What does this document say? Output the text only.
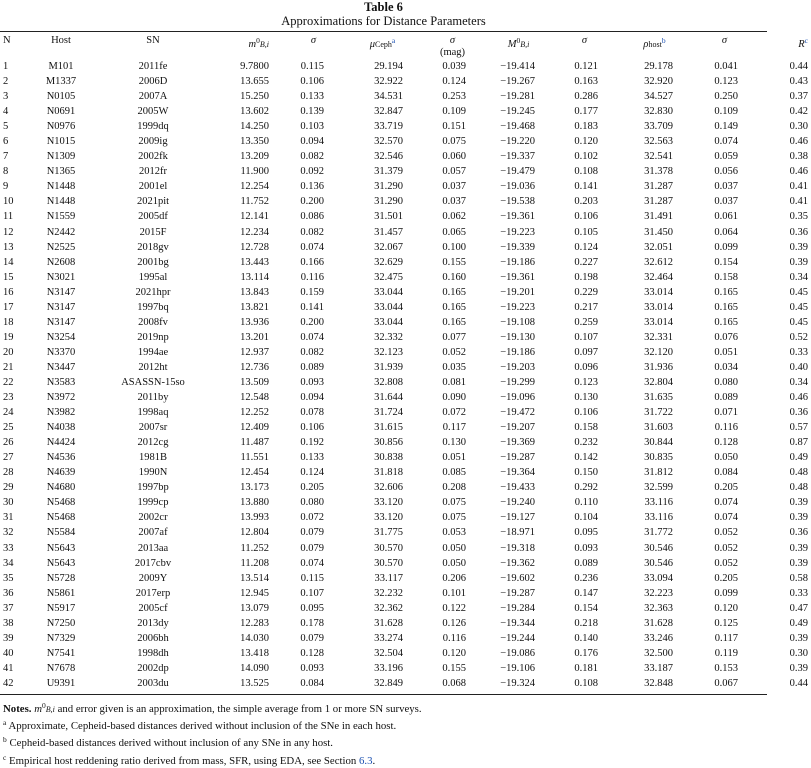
Table 6
Approximations for Distance Parameters
N	Host	SN	$m^0B,i$	σ	μCeph$^a$	σ
(mag)	$M^0B,i$	σ	ρhost$^b$	σ	$R^c$
1	M101	2011fe	9.7800	0.115	29.194	0.039	−19.414	0.121	29.178	0.041	0.44
2	M1337	2006D	13.655	0.106	32.922	0.124	−19.267	0.163	32.920	0.123	0.43
3	N0105	2007A	15.250	0.133	34.531	0.253	−19.281	0.286	34.527	0.250	0.37
4	N0691	2005W	13.602	0.139	32.847	0.109	−19.245	0.177	32.830	0.109	0.42
5	N0976	1999dq	14.250	0.103	33.719	0.151	−19.468	0.183	33.709	0.149	0.30
6	N1015	2009ig	13.350	0.094	32.570	0.075	−19.220	0.120	32.563	0.074	0.46
7	N1309	2002fk	13.209	0.082	32.546	0.060	−19.337	0.102	32.541	0.059	0.38
8	N1365	2012fr	11.900	0.092	31.379	0.057	−19.479	0.108	31.378	0.056	0.46
9	N1448	2001el	12.254	0.136	31.290	0.037	−19.036	0.141	31.287	0.037	0.41
10	N1448	2021pit	11.752	0.200	31.290	0.037	−19.538	0.203	31.287	0.037	0.41
11	N1559	2005df	12.141	0.086	31.501	0.062	−19.361	0.106	31.491	0.061	0.35
12	N2442	2015F	12.234	0.082	31.457	0.065	−19.223	0.105	31.450	0.064	0.36
13	N2525	2018gv	12.728	0.074	32.067	0.100	−19.339	0.124	32.051	0.099	0.39
14	N2608	2001bg	13.443	0.166	32.629	0.155	−19.186	0.227	32.612	0.154	0.39
15	N3021	1995al	13.114	0.116	32.475	0.160	−19.361	0.198	32.464	0.158	0.34
16	N3147	2021hpr	13.843	0.159	33.044	0.165	−19.201	0.229	33.014	0.165	0.45
17	N3147	1997bq	13.821	0.141	33.044	0.165	−19.223	0.217	33.014	0.165	0.45
18	N3147	2008fv	13.936	0.200	33.044	0.165	−19.108	0.259	33.014	0.165	0.45
19	N3254	2019np	13.201	0.074	32.332	0.077	−19.130	0.107	32.331	0.076	0.52
20	N3370	1994ae	12.937	0.082	32.123	0.052	−19.186	0.097	32.120	0.051	0.33
21	N3447	2012ht	12.736	0.089	31.939	0.035	−19.203	0.096	31.936	0.034	0.40
22	N3583	ASASSN-15so	13.509	0.093	32.808	0.081	−19.299	0.123	32.804	0.080	0.34
23	N3972	2011by	12.548	0.094	31.644	0.090	−19.096	0.130	31.635	0.089	0.46
24	N3982	1998aq	12.252	0.078	31.724	0.072	−19.472	0.106	31.722	0.071	0.36
25	N4038	2007sr	12.409	0.106	31.615	0.117	−19.207	0.158	31.603	0.116	0.57
26	N4424	2012cg	11.487	0.192	30.856	0.130	−19.369	0.232	30.844	0.128	0.87
27	N4536	1981B	11.551	0.133	30.838	0.051	−19.287	0.142	30.835	0.050	0.49
28	N4639	1990N	12.454	0.124	31.818	0.085	−19.364	0.150	31.812	0.084	0.48
29	N4680	1997bp	13.173	0.205	32.606	0.208	−19.433	0.292	32.599	0.205	0.48
30	N5468	1999cp	13.880	0.080	33.120	0.075	−19.240	0.110	33.116	0.074	0.39
31	N5468	2002cr	13.993	0.072	33.120	0.075	−19.127	0.104	33.116	0.074	0.39
32	N5584	2007af	12.804	0.079	31.775	0.053	−18.971	0.095	31.772	0.052	0.36
33	N5643	2013aa	11.252	0.079	30.570	0.050	−19.318	0.093	30.546	0.052	0.39
34	N5643	2017cbv	11.208	0.074	30.570	0.050	−19.362	0.089	30.546	0.052	0.39
35	N5728	2009Y	13.514	0.115	33.117	0.206	−19.602	0.236	33.094	0.205	0.58
36	N5861	2017erp	12.945	0.107	32.232	0.101	−19.287	0.147	32.223	0.099	0.33
37	N5917	2005cf	13.079	0.095	32.362	0.122	−19.284	0.154	32.363	0.120	0.47
38	N7250	2013dy	12.283	0.178	31.628	0.126	−19.344	0.218	31.628	0.125	0.49
39	N7329	2006bh	14.030	0.079	33.274	0.116	−19.244	0.140	33.246	0.117	0.39
40	N7541	1998dh	13.418	0.128	32.504	0.120	−19.086	0.176	32.500	0.119	0.30
41	N7678	2002dp	14.090	0.093	33.196	0.155	−19.106	0.181	33.187	0.153	0.39
42	U9391	2003du	13.525	0.084	32.849	0.068	−19.324	0.108	32.848	0.067	0.44
Notes. $m^0B,i$ and error given is an approximation, the simple average from 1 or more SN surveys.
$^a$ Approximate, Cepheid-based distances derived without inclusion of the SNe in each host.
$^b$ Cepheid-based distances derived without inclusion of any SNe in any host.
$^c$ Empirical host reddening ratio derived from mass, SFR, using EDA, see Section 6.3.
